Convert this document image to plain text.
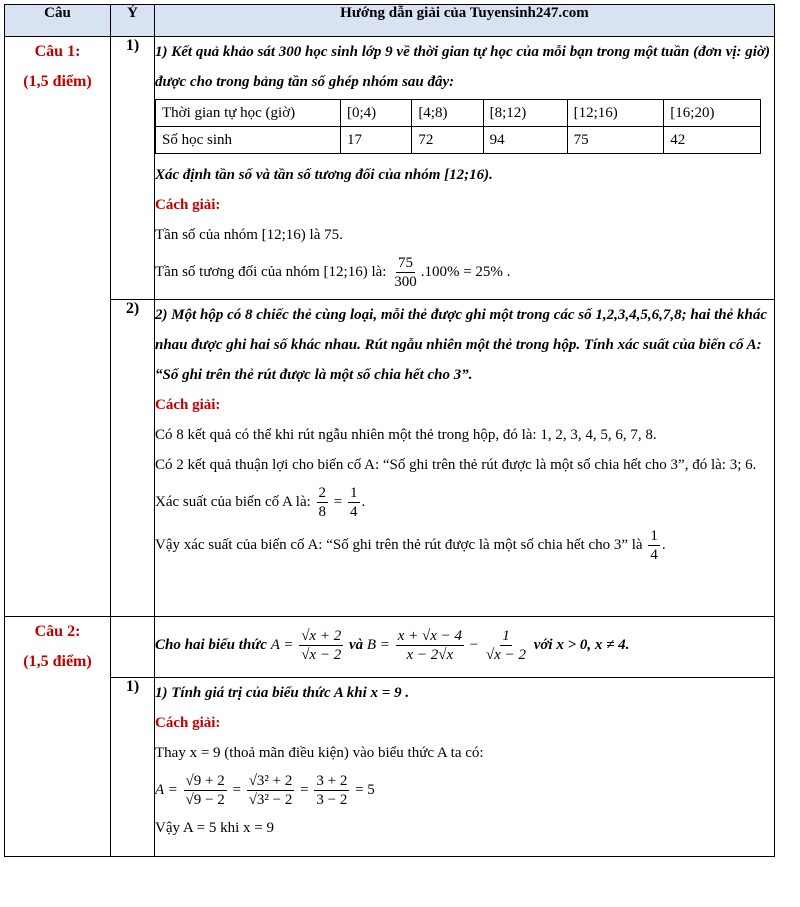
Câu	Ý	Hướng dẫn giải của Tuyensinh247.com

Câu 1:
(1,5 điểm)
	1)	1) Kết quả khảo sát 300 học sinh lớp 9 về thời gian tự học của mỗi bạn trong một tuần (đơn vị: giờ) được cho trong bảng tần số ghép nhóm sau đây:
Thời gian tự học (giờ)	[0;4)	[4;8)	[8;12)	[12;16)	[16;20)
Số học sinh	17	72	94	75	42
Xác định tần số và tần số tương đối của nhóm [12;16).
Cách giải:
Tần số của nhóm [12;16) là 75.
Tần số tương đối của nhóm [12;16) là: $\frac{75}{300} .100\% = 25\%$ .

2)	2) Một hộp có 8 chiếc thẻ cùng loại, mỗi thẻ được ghi một trong các số 1,2,3,4,5,6,7,8; hai thẻ khác nhau được ghi hai số khác nhau. Rút ngẫu nhiên một thẻ trong hộp. Tính xác suất của biến cố A: “Số ghi trên thẻ rút được là một số chia hết cho 3”.
Cách giải:
Có 8 kết quả có thể khi rút ngẫu nhiên một thẻ trong hộp, đó là: 1, 2, 3, 4, 5, 6, 7, 8.
Có 2 kết quả thuận lợi cho biến cố A: “Số ghi trên thẻ rút được là một số chia hết cho 3”, đó là: 3; 6.
Xác suất của biến cố A là: $\frac{2}{8} = \frac{1}{4}$ .
Vậy xác suất của biến cố A: “Số ghi trên thẻ rút được là một số chia hết cho 3” là $\frac{1}{4}$ .

Câu 2:
(1,5 điểm)
		Cho hai biểu thức $A = \frac{√x + 2}{√x - 2}$ và $B = \frac{x + √x - 4}{x - 2√x} - \frac{1}{√x - 2}$ với x > 0, x ≠ 4.
1)	1) Tính giá trị của biểu thức A khi x = 9 .
Cách giải:
Thay x = 9 (thoả mãn điều kiện) vào biểu thức A ta có:
$A = \frac{√9 + 2}{√9 - 2} = \frac{\text{√3² + 2}}{\text{√3² − 2}} = \frac{3 + 2}{3 - 2} = 5$
Vậy A = 5 khi x = 9
